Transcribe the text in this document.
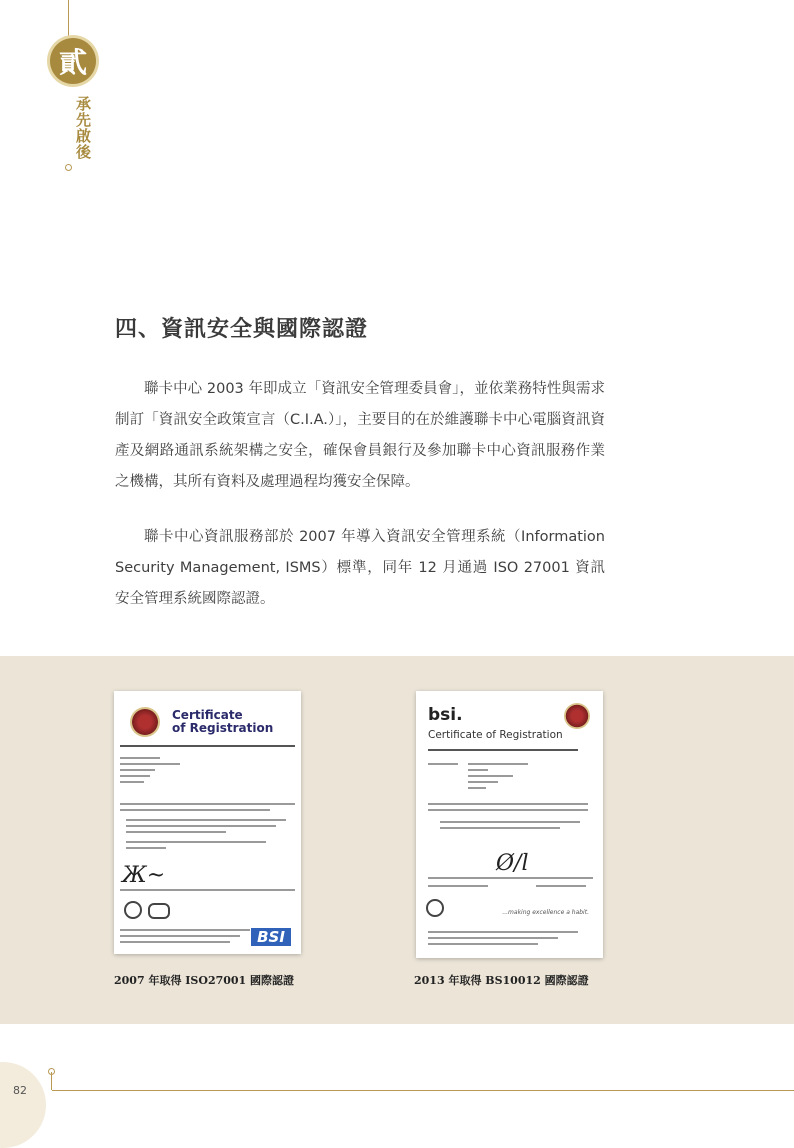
貳
承先啟後
四、資訊安全與國際認證

聯卡中心 2003 年即成立「資訊安全管理委員會」，並依業務特性與需求制訂「資訊安全政策宣言（C.I.A.）」，主要目的在於維護聯卡中心電腦資訊資產及網路通訊系統架構之安全，確保會員銀行及參加聯卡中心資訊服務作業之機構，其所有資料及處理過程均獲安全保障。

聯卡中心資訊服務部於 2007 年導入資訊安全管理系統（Information Security Management, ISMS）標準，同年 12 月通過 ISO 27001 資訊安全管理系統國際認證。

Certificate
of Registration
Ж~
BSI
bsi.
Certificate of Registration
Ø/l
...making excellence a habit.

2007 年取得 ISO27001 國際認證	2013 年取得 BS10012 國際認證

82
